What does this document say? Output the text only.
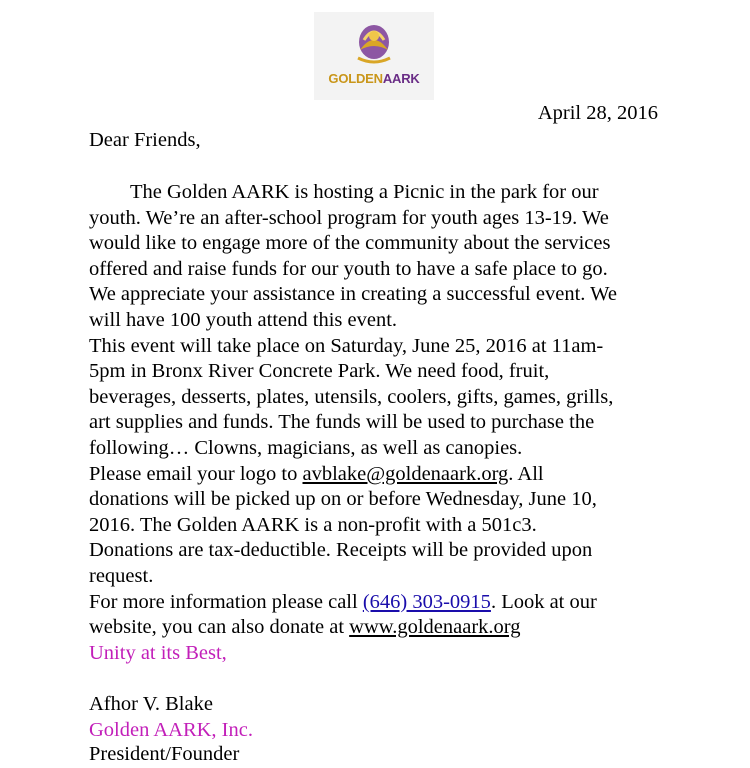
GOLDENAARK
April 28, 2016
Dear Friends,
The Golden AARK is hosting a Picnic in the park for our
youth. We’re an after-school program for youth ages 13-19. We
would like to engage more of the community about the services
offered and raise funds for our youth to have a safe place to go.
We appreciate your assistance in creating a successful event. We
will have 100 youth attend this event.
This event will take place on Saturday, June 25, 2016 at 11am-
5pm in Bronx River Concrete Park. We need food, fruit,
beverages, desserts, plates, utensils, coolers, gifts, games, grills,
art supplies and funds. The funds will be used to purchase the
following… Clowns, magicians, as well as canopies.
Please email your logo to avblake@goldenaark.org. All
donations will be picked up on or before Wednesday, June 10,
2016. The Golden AARK is a non-profit with a 501c3.
Donations are tax-deductible. Receipts will be provided upon
request.
For more information please call (646) 303-0915. Look at our
website, you can also donate at www.goldenaark.org
Unity at its Best,
Afhor V. Blake
Golden AARK, Inc.
President/Founder
